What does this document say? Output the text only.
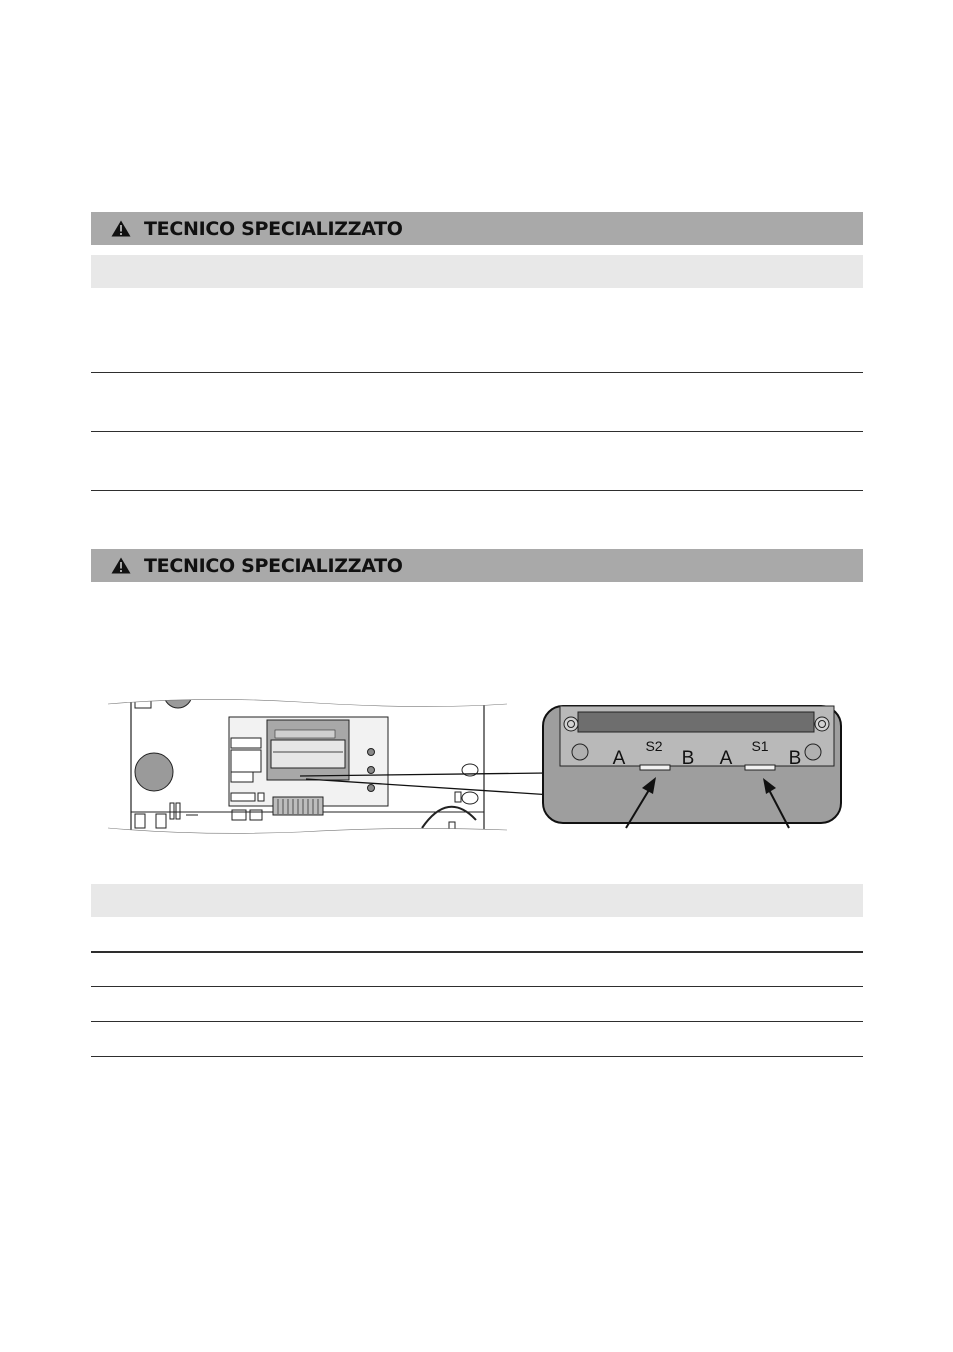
TECNICO SPECIALIZZATO
TECNICO SPECIALIZZATO
S2	S1
A	B A	B
